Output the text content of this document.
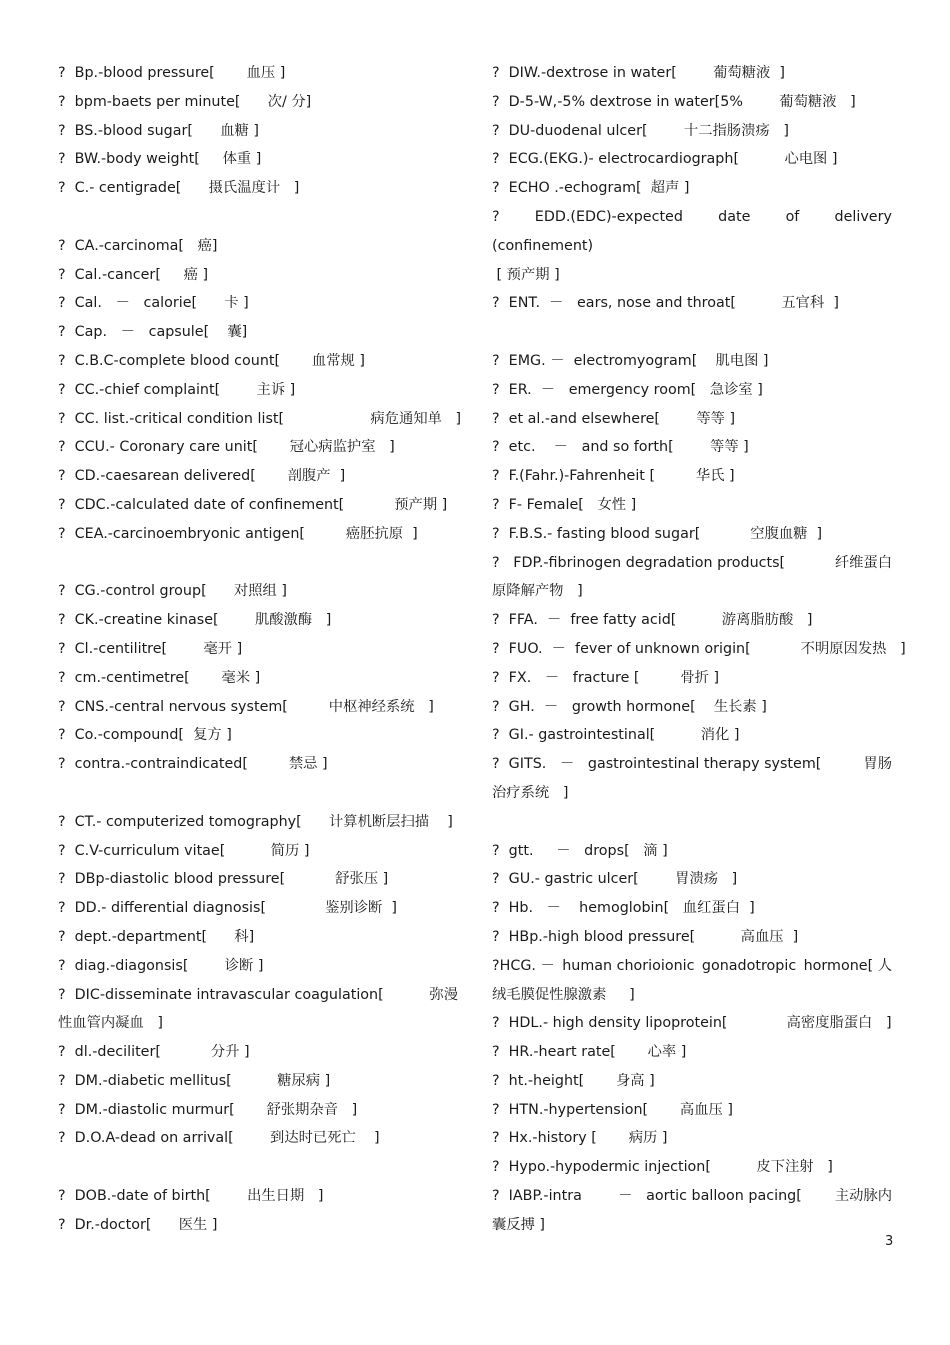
?  Bp.-blood pressure[       血压 ]
?  bpm-baets per minute[      次/ 分]
?  BS.-blood sugar[      血糖 ]
?  BW.-body weight[     体重 ]
?  C.- centigrade[      摄氏温度计   ]
?  CA.-carcinoma[   癌]
?  Cal.-cancer[     癌 ]
?  Cal.   －   calorie[      卡 ]
?  Cap.   －   capsule[    囊]
?  C.B.C-complete blood count[       血常规 ]
?  CC.-chief complaint[        主诉 ]
?  CC. list.-critical condition list[                   病危通知单   ]
?  CCU.- Coronary care unit[       冠心病监护室   ]
?  CD.-caesarean delivered[       剖腹产  ]
?  CDC.-calculated date of confinement[           预产期 ]
?  CEA.-carcinoembryonic antigen[         癌胚抗原  ]
?  CG.-control group[      对照组 ]
?  CK.-creatine kinase[        肌酸激酶   ]
?  Cl.-centilitre[        毫开 ]
?  cm.-centimetre[       毫米 ]
?  CNS.-central nervous system[         中枢神经系统   ]
?  Co.-compound[  复方 ]
?  contra.-contraindicated[         禁忌 ]
?  CT.- computerized tomography[      计算机断层扫描    ]
?  C.V-curriculum vitae[          简历 ]
?  DBp-diastolic blood pressure[           舒张压 ]
?  DD.- differential diagnosis[             鉴别诊断  ]
?  dept.-department[      科]
?  diag.-diagonsis[        诊断 ]
?  DIC-disseminate intravascular coagulation[	弥漫
性血管内凝血   ]
?  dl.-deciliter[           分升 ]
?  DM.-diabetic mellitus[          糖尿病 ]
?  DM.-diastolic murmur[       舒张期杂音   ]
?  D.O.A-dead on arrival[        到达时已死亡    ]
?  DOB.-date of birth[        出生日期   ]
?  Dr.-doctor[      医生 ]
?  DIW.-dextrose in water[        葡萄糖液  ]
?  D-5-W,-5% dextrose in water[5%        葡萄糖液   ]
?  DU-duodenal ulcer[        十二指肠溃疡   ]
?  ECG.(EKG.)- electrocardiograph[          心电图 ]
?  ECHO .-echogram[  超声 ]
? EDD.(EDC)-expected date of delivery
(confinement)
[ 预产期 ]
?  ENT.  －   ears, nose and throat[          五官科  ]
?  EMG. －  electromyogram[    肌电图 ]
?  ER.  －   emergency room[   急诊室 ]
?  et al.-and elsewhere[        等等 ]
?  etc.    －   and so forth[        等等 ]
?  F.(Fahr.)-Fahrenheit [         华氏 ]
?  F- Female[   女性 ]
?  F.B.S.- fasting blood sugar[           空腹血糖  ]
?   FDP.-fibrinogen degradation products[	纤维蛋白
原降解产物   ]
?  FFA.  －  free fatty acid[          游离脂肪酸   ]
?  FUO.  －  fever of unknown origin[           不明原因发热   ]
?  FX.   －   fracture [         骨折 ]
?  GH.  －   growth hormone[    生长素 ]
?  GI.- gastrointestinal[          消化 ]
?  GITS.   －   gastrointestinal therapy system[	胃肠
治疗系统   ]
?  gtt.     －   drops[   滴 ]
?  GU.- gastric ulcer[        胃溃疡   ]
?  Hb.   －    hemoglobin[   血红蛋白  ]
?  HBp.-high blood pressure[          高血压  ]
?HCG. － human chorioionic gonadotropic hormone[ 人
绒毛膜促性腺激素     ]
?  HDL.- high density lipoprotein[             高密度脂蛋白   ]
?  HR.-heart rate[       心率 ]
?  ht.-height[       身高 ]
?  HTN.-hypertension[       高血压 ]
?  Hx.-history [       病历 ]
?  Hypo.-hypodermic injection[          皮下注射   ]
?  IABP.-intra        －   aortic balloon pacing[ 主动脉内
囊反搏 ]
3
